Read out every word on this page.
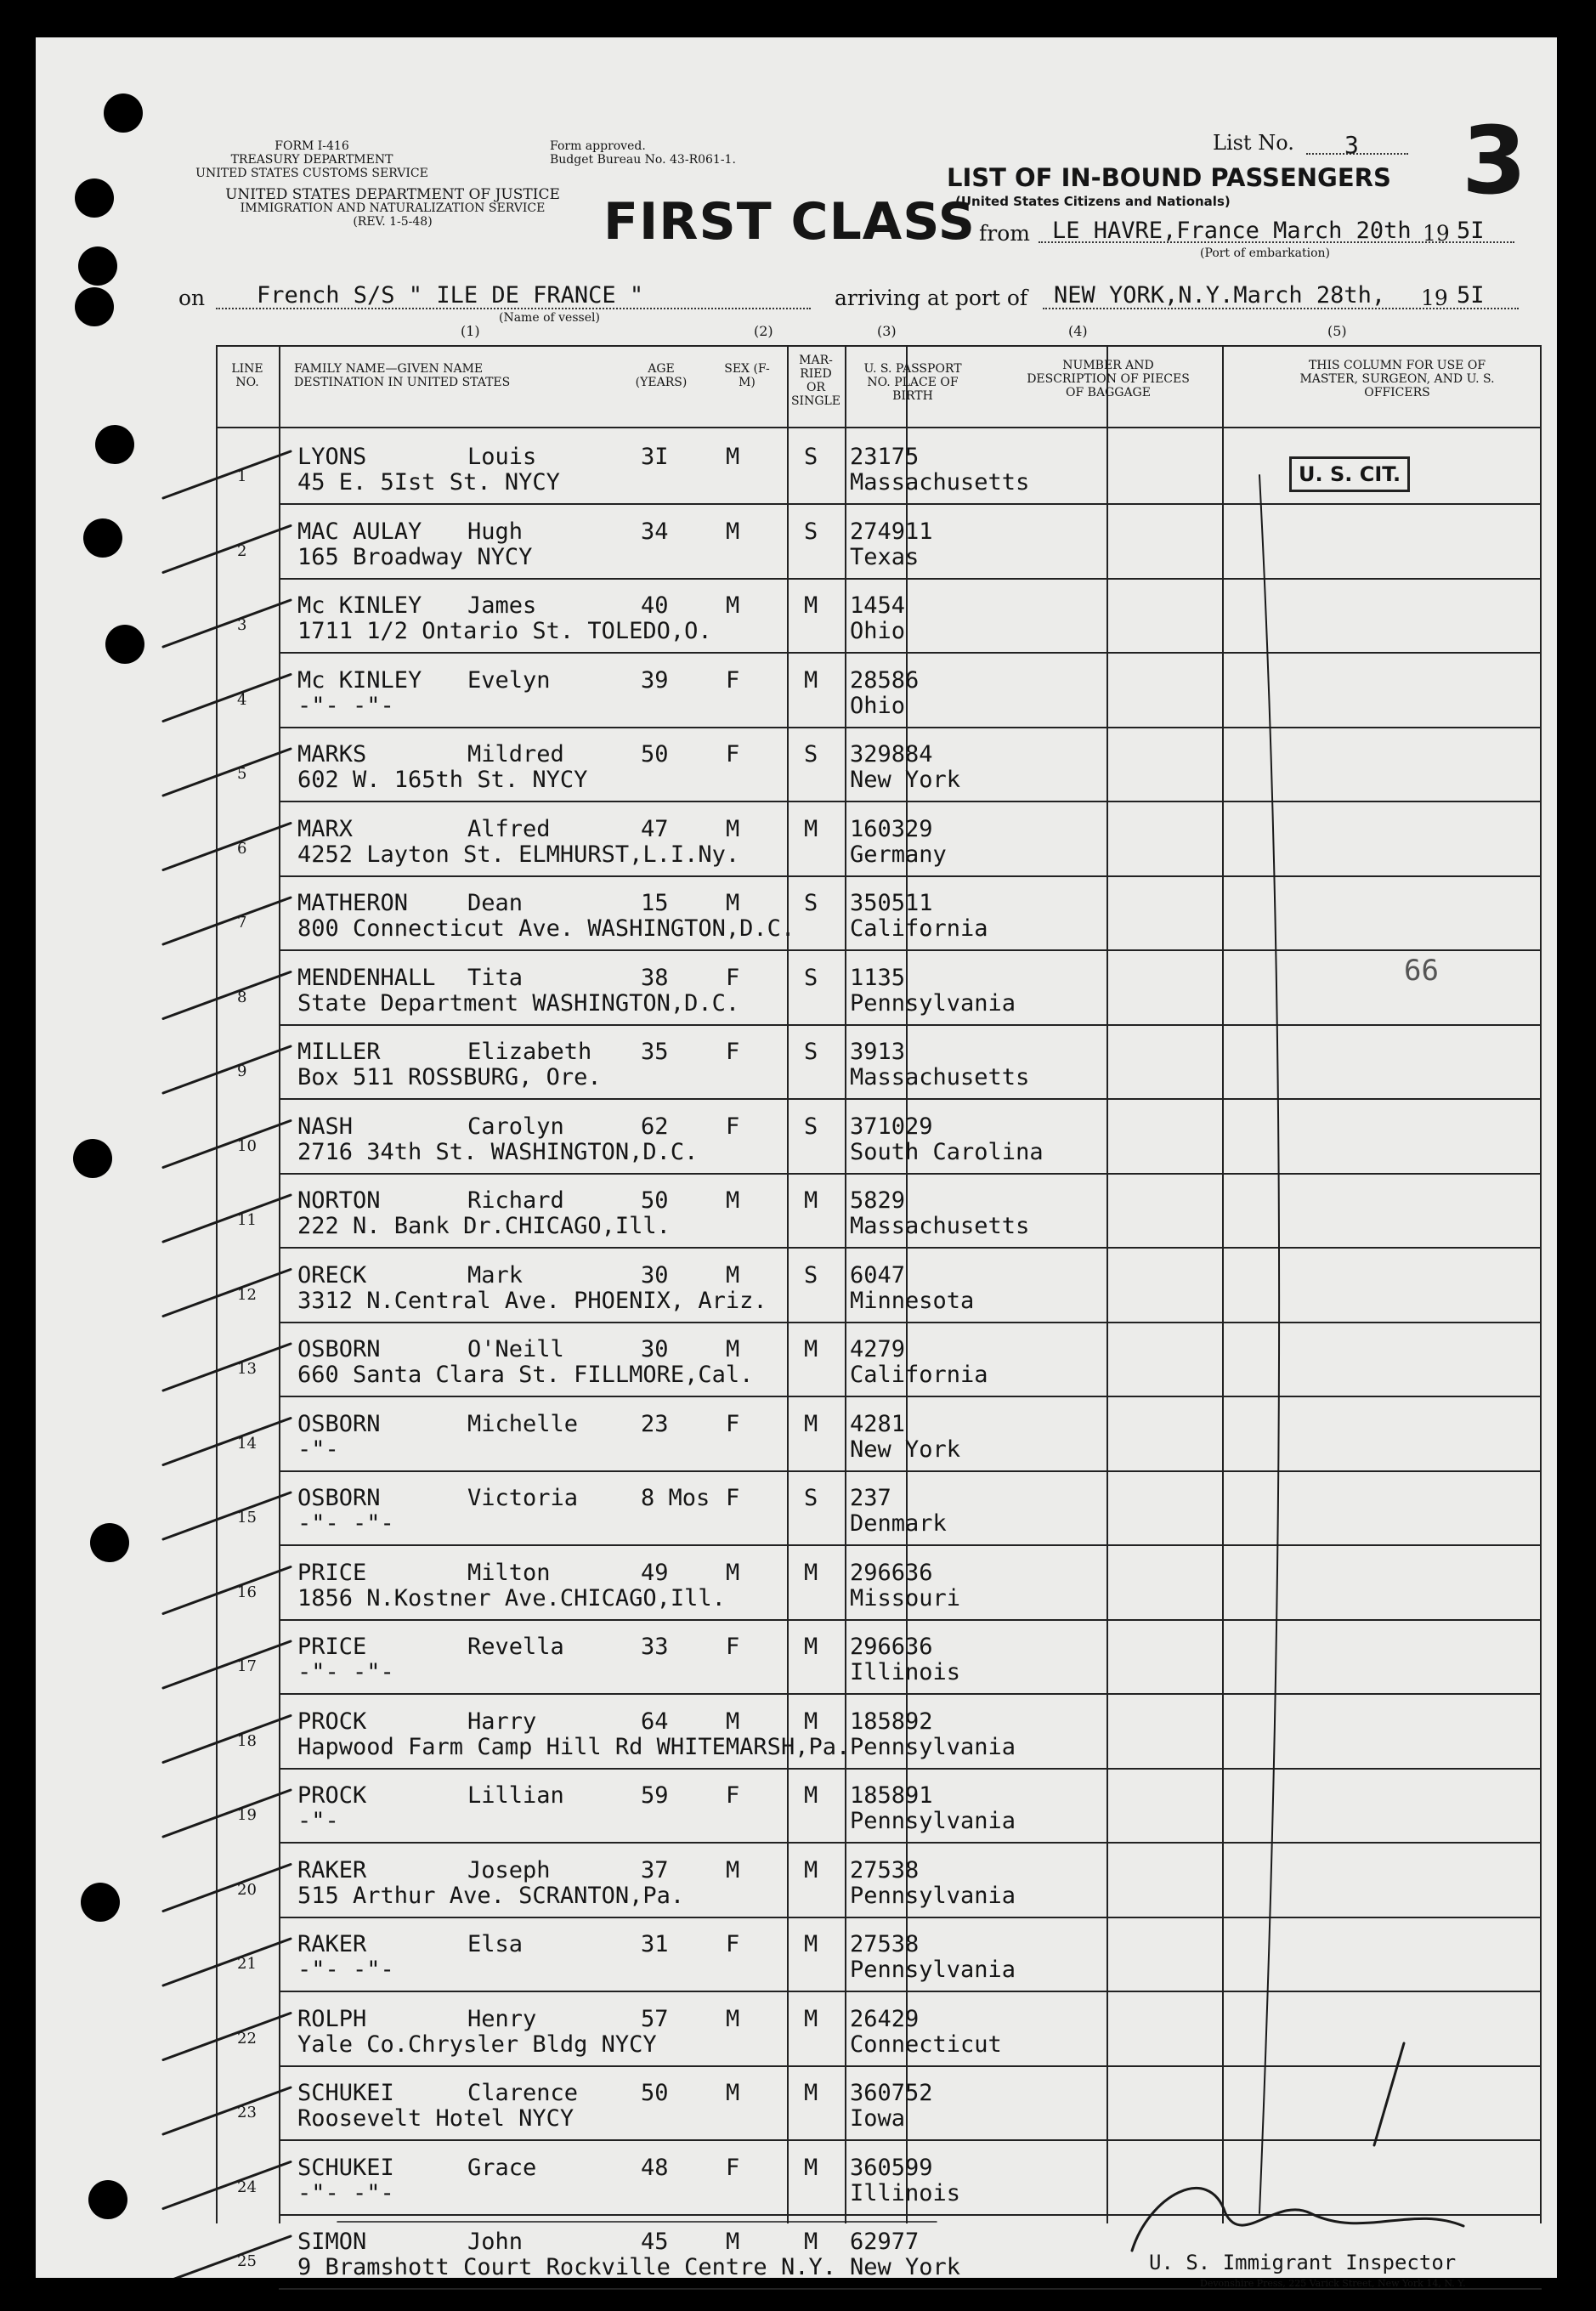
FORM I-416
TREASURY DEPARTMENT
UNITED STATES CUSTOMS SERVICE
Form approved.
Budget Bureau No. 43-R061-1.
UNITED STATES DEPARTMENT OF JUSTICE
IMMIGRATION AND NATURALIZATION SERVICE
(REV. 1-5-48)	FIRST CLASS
LIST OF IN-BOUND PASSENGERS
(United States Citizens and Nationals)
List No. 3 3
from LE HAVRE,France March 20th 19 5I
(Port of embarkation)
on French S/S " ILE DE FRANCE "
(Name of vessel)
arriving at port of NEW YORK,N.Y.March 28th, 19 5I
(1)	(2)	(3)	(4)	(5)
LINE NO.
FAMILY NAME—GIVEN NAME DESTINATION IN UNITED STATES
AGE (YEARS)
SEX (F-M)
MAR-RIED OR SINGLE
U. S. PASSPORT NO. PLACE OF BIRTH
NUMBER AND DESCRIPTION OF PIECES OF BAGGAGE
THIS COLUMN FOR USE OF MASTER, SURGEON, AND U. S. OFFICERS
1
LYONS	Louis	3I M	S 23175
45 E. 5Ist St. NYCY	Massachusetts
2
MAC AULAY Hugh	34 M	S 274911
165 Broadway NYCY	Texas
3
Mc KINLEY James	40 M	M 1454
1711 1/2 Ontario St. TOLEDO,O.	Ohio
4
Mc KINLEY Evelyn	39 F	M 28586
-"- -"-	Ohio
5
MARKS	Mildred	50 F	S 329884
602 W. 165th St. NYCY	New York
6
MARX	Alfred	47 M	M 160329
4252 Layton St. ELMHURST,L.I.Ny.	Germany
7
MATHERON	Dean	15 M	S 350511
800 Connecticut Ave. WASHINGTON,D.C. California
8
MENDENHALL Tita	38 F	S 1135
State Department WASHINGTON,D.C.	Pennsylvania
9
MILLER	Elizabeth 35 F	S 3913
Box 511 ROSSBURG, Ore.	Massachusetts
10
NASH	Carolyn	62 F	S 371029
2716 34th St. WASHINGTON,D.C.	South Carolina
11
NORTON	Richard	50 M	M 5829
222 N. Bank Dr.CHICAGO,Ill.	Massachusetts
12
ORECK	Mark	30 M	S 6047
3312 N.Central Ave. PHOENIX, Ariz.	Minnesota
13
OSBORN	O'Neill	30 M	M 4279
660 Santa Clara St. FILLMORE,Cal.	California
14
OSBORN	Michelle	23 F	M 4281
-"-	New York
15
OSBORN	Victoria	8 Mos F	S 237
-"- -"-	Denmark
16
PRICE	Milton	49 M	M 296636
1856 N.Kostner Ave.CHICAGO,Ill.	Missouri
17
PRICE	Revella	33 F	M 296636
-"- -"-	Illinois
18
PROCK	Harry	64 M	M 185892
Hapwood Farm Camp Hill Rd WHITEMARSH,Pa. Pennsylvania
19
PROCK	Lillian	59 F	M 185891
-"-	Pennsylvania
20
RAKER	Joseph	37 M	M 27538
515 Arthur Ave. SCRANTON,Pa.	Pennsylvania
21
RAKER	Elsa	31 F	M 27538
-"- -"-	Pennsylvania
22
ROLPH	Henry	57 M	M 26429
Yale Co.Chrysler Bldg NYCY	Connecticut
23
SCHUKEI	Clarence	50 M	M 360752
Roosevelt Hotel NYCY	Iowa
24
SCHUKEI	Grace	48 F	M 360599
-"- -"-	Illinois
25
SIMON	John	45 M	M 62977
9 Bramshott Court Rockville Centre N.Y. New York
U. S. CIT.
66
U. S. Immigrant Inspector
Devonshire Press, 225 Varick Street, New York 14, N. Y.
